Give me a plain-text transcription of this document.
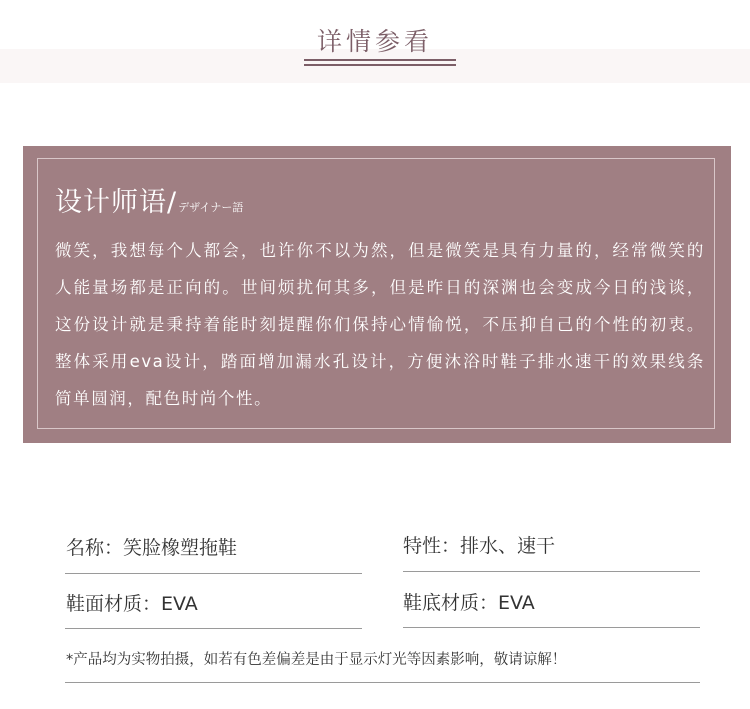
详情参看
设计师语/ デザイナー語

微笑，我想每个人都会，也许你不以为然，但是微笑是具有力量的，经常微笑的人能量场都是正向的。世间烦扰何其多，但是昨日的深渊也会变成今日的浅谈，这份设计就是秉持着能时刻提醒你们保持心情愉悦，不压抑自己的个性的初衷。整体采用eva设计，踏面增加漏水孔设计，方便沐浴时鞋子排水速干的效果线条简单圆润，配色时尚个性。

名称：笑脸橡塑拖鞋	特性：排水、速干
鞋面材质：EVA	鞋底材质：EVA
*产品均为实物拍摄，如若有色差偏差是由于显示灯光等因素影响，敬请谅解！
